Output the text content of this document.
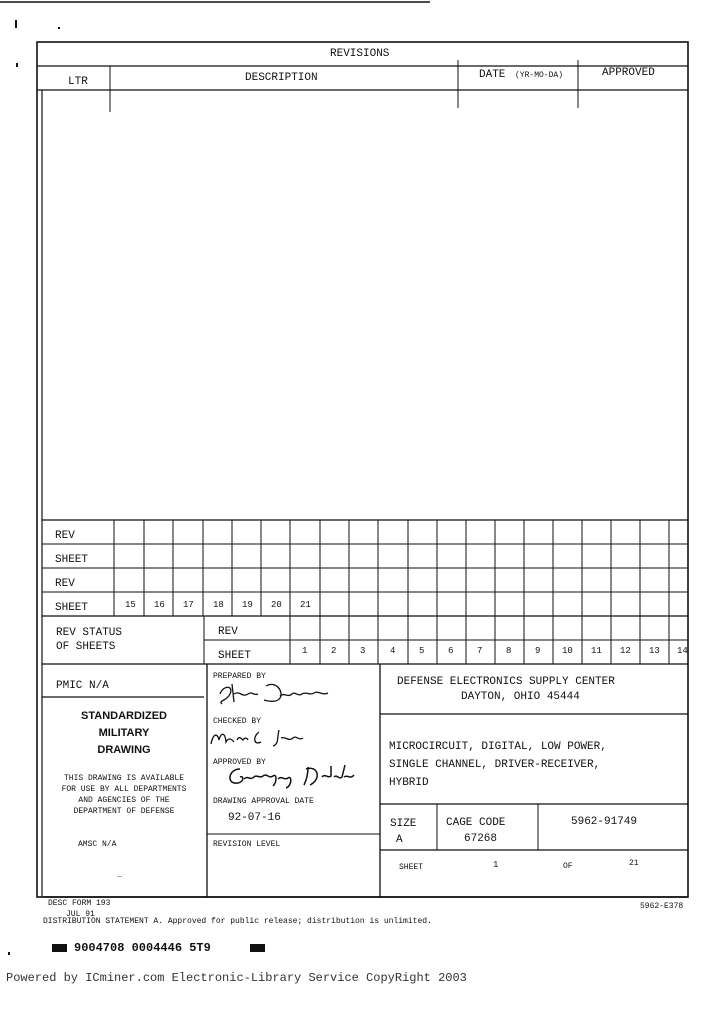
REVISIONS
LTR	DESCRIPTION	DATE (YR-MO-DA)	APPROVED
REV
SHEET
REV
SHEET	15 16 17 18 19 20 21
REV STATUS
OF SHEETS
REV
SHEET	1	2	3	4	5	6	7	8	9 10 11 12 13 14
PMIC N/A
STANDARDIZED
MILITARY
DRAWING
THIS DRAWING IS AVAILABLE
FOR USE BY ALL DEPARTMENTS
AND AGENCIES OF THE
DEPARTMENT OF DEFENSE
AMSC N/A
_
PREPARED BY
Steve Duncan
CHECKED BY
Michael C. Jones
APPROVED BY
Gregg Dudek
DRAWING APPROVAL DATE
92-07-16
REVISION LEVEL
DEFENSE ELECTRONICS SUPPLY CENTER
DAYTON, OHIO 45444
MICROCIRCUIT, DIGITAL, LOW POWER,
SINGLE CHANNEL, DRIVER-RECEIVER,
HYBRID
SIZE
A
CAGE CODE
67268
5962-91749
SHEET	1	OF	21
DESC FORM 193
JUL 91
5962-E378
DISTRIBUTION STATEMENT A. Approved for public release; distribution is unlimited.
9004708 0004446 5T9
Powered by ICminer.com Electronic-Library Service CopyRight 2003
